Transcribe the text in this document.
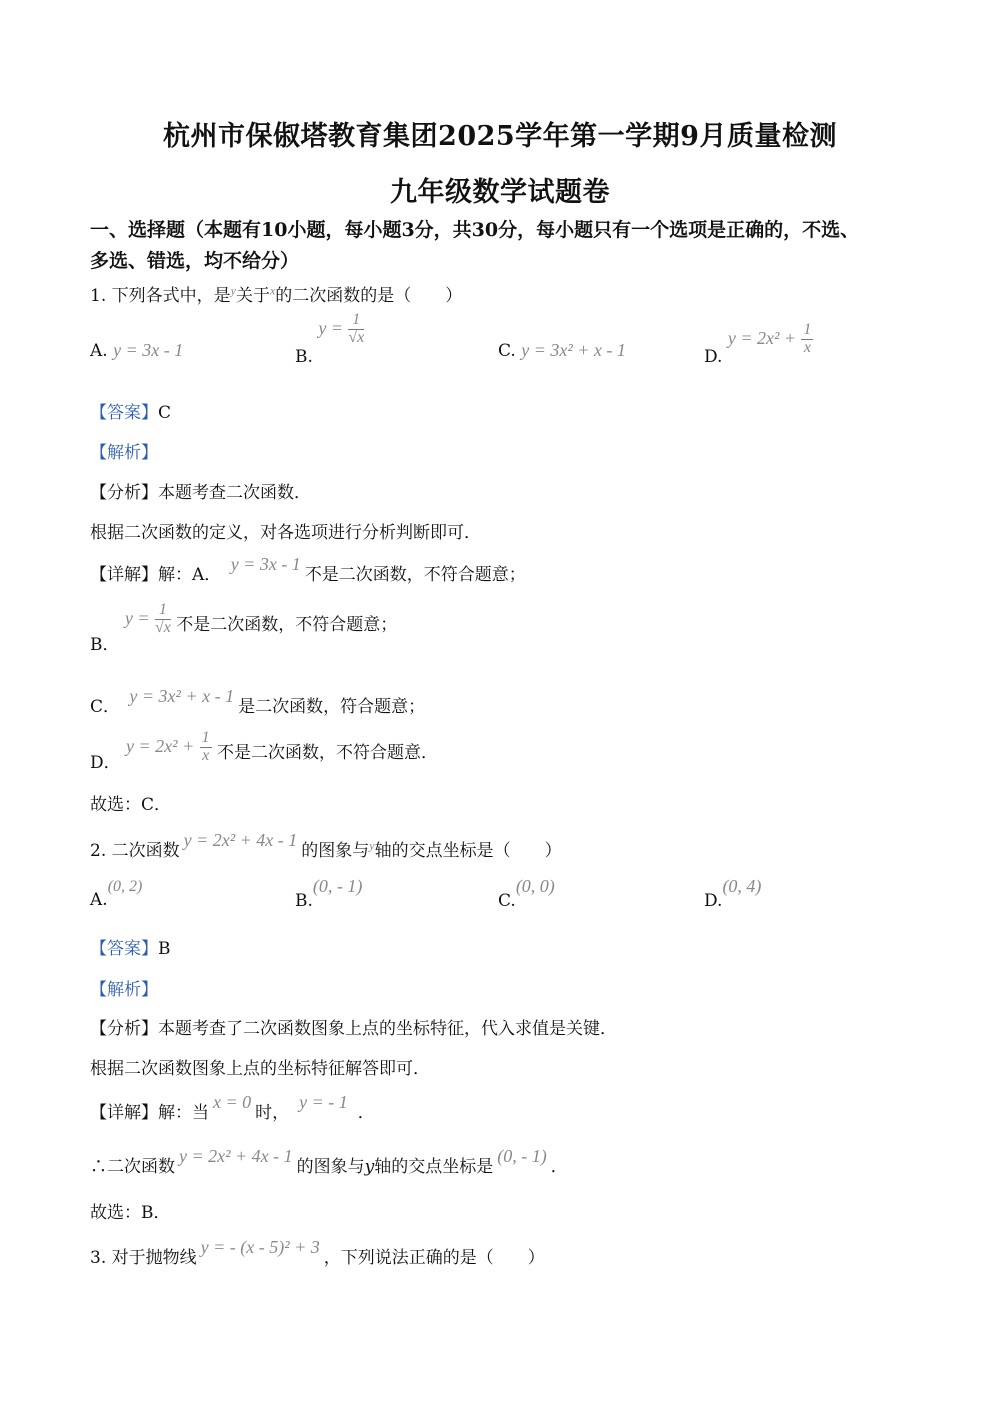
杭州市保俶塔教育集团2025学年第一学期9月质量检测
九年级数学试题卷
一、选择题（本题有10小题，每小题3分，共30分，每小题只有一个选项是正确的，不选、
多选、错选，均不给分）
1. 下列各式中，是$^y$关于$^x$的二次函数的是（　　）
A. y = 3x - 1	B. $y = \frac{1}{√x}$
C. y = 3x² + x - 1	D. $y = 2x^2 + \frac{1}{x}$
【答案】C
【解析】
【分析】本题考查二次函数．
根据二次函数的定义，对各选项进行分析判断即可．
【详解】解：A． y = 3x - 1不是二次函数，不符合题意；
B． $y = \frac{1}{√x}$ 不是二次函数，不符合题意；
C． y = 3x² + x - 1是二次函数，符合题意；
D． $y = 2x^2 + \frac{1}{x}$ 不是二次函数，不符合题意．
故选：C．
2. 二次函数y = 2x² + 4x - 1的图象与$^y$轴的交点坐标是（　　）
A.(0, 2)
B.(0, - 1)
C.(0, 0)
D.(0, 4)
【答案】B
【解析】
【分析】本题考查了二次函数图象上点的坐标特征，代入求值是关键．
根据二次函数图象上点的坐标特征解答即可．
【详解】解：当x = 0时，y = - 1．
∴二次函数y = 2x² + 4x - 1的图象与y轴的交点坐标是(0, - 1)．
故选：B．
3. 对于抛物线y = - (x - 5)² + 3，下列说法正确的是（　　）
